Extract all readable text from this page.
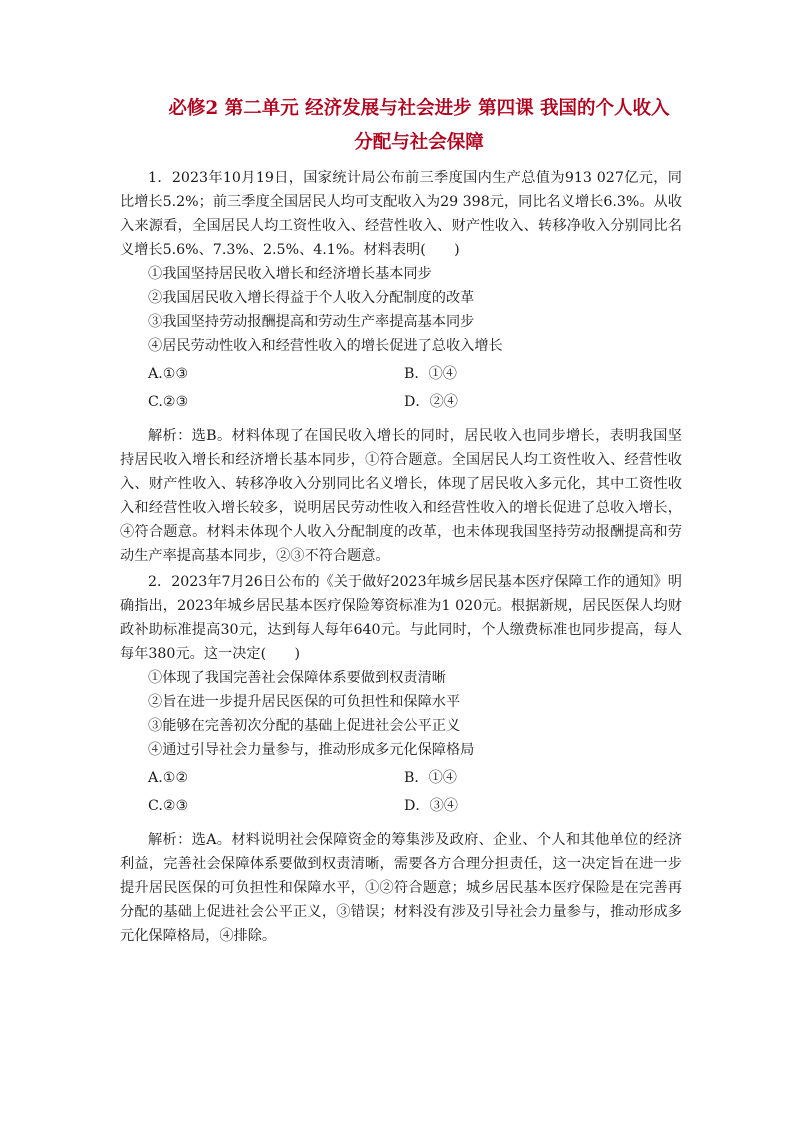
必修2 第二单元 经济发展与社会进步 第四课 我国的个人收入
分配与社会保障

1．2023年10月19日，国家统计局公布前三季度国内生产总值为913 027亿元，同比增长5.2%；前三季度全国居民人均可支配收入为29 398元，同比名义增长6.3%。从收入来源看，全国居民人均工资性收入、经营性收入、财产性收入、转移净收入分别同比名义增长5.6%、7.3%、2.5%、4.1%。材料表明(　　)

①我国坚持居民收入增长和经济增长基本同步

②我国居民收入增长得益于个人收入分配制度的改革

③我国坚持劳动报酬提高和劳动生产率提高基本同步

④居民劳动性收入和经营性收入的增长促进了总收入增长

A.①③	B．①④
C.②③	D．②④

解析：选B。材料体现了在国民收入增长的同时，居民收入也同步增长，表明我国坚持居民收入增长和经济增长基本同步，①符合题意。全国居民人均工资性收入、经营性收入、财产性收入、转移净收入分别同比名义增长，体现了居民收入多元化，其中工资性收入和经营性收入增长较多，说明居民劳动性收入和经营性收入的增长促进了总收入增长，④符合题意。材料未体现个人收入分配制度的改革，也未体现我国坚持劳动报酬提高和劳动生产率提高基本同步，②③不符合题意。

2．2023年7月26日公布的《关于做好2023年城乡居民基本医疗保障工作的通知》明确指出，2023年城乡居民基本医疗保险筹资标准为1 020元。根据新规，居民医保人均财政补助标准提高30元，达到每人每年640元。与此同时，个人缴费标准也同步提高，每人每年380元。这一决定(　　)

①体现了我国完善社会保障体系要做到权责清晰

②旨在进一步提升居民医保的可负担性和保障水平

③能够在完善初次分配的基础上促进社会公平正义

④通过引导社会力量参与，推动形成多元化保障格局

A.①②	B．①④
C.②③	D．③④

解析：选A。材料说明社会保障资金的筹集涉及政府、企业、个人和其他单位的经济利益，完善社会保障体系要做到权责清晰，需要各方合理分担责任，这一决定旨在进一步提升居民医保的可负担性和保障水平，①②符合题意；城乡居民基本医疗保险是在完善再分配的基础上促进社会公平正义，③错误；材料没有涉及引导社会力量参与，推动形成多元化保障格局，④排除。
